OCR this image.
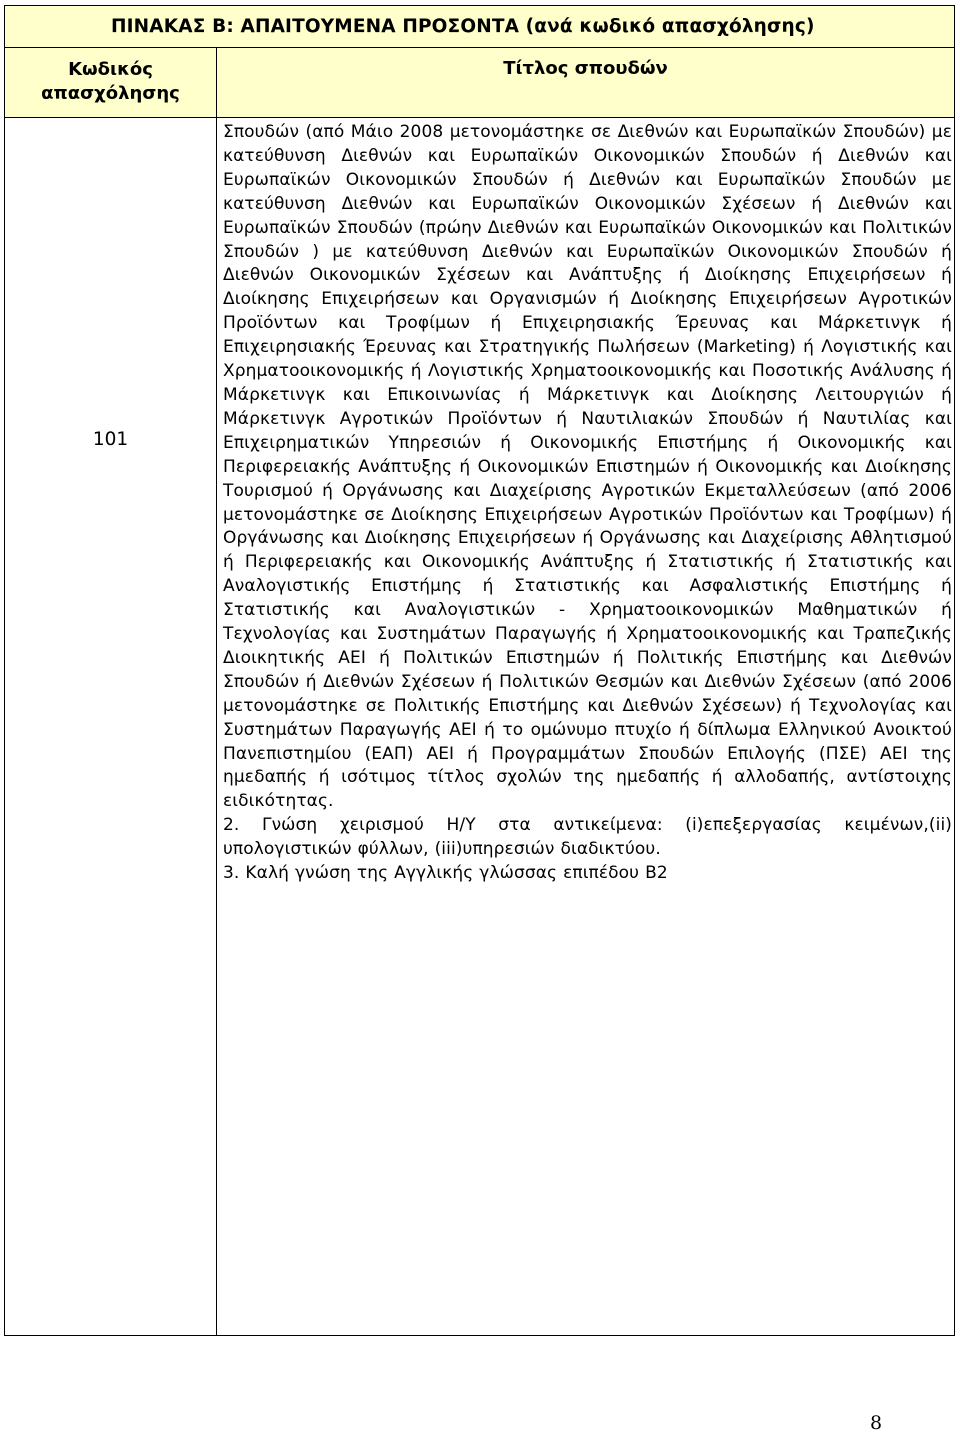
ΠΙΝΑΚΑΣ Β: ΑΠΑΙΤΟΥΜΕΝΑ ΠΡΟΣΟΝΤΑ (ανά κωδικό απασχόλησης)
Κωδικός απασχόλησης
Τίτλος σπουδών
101

Σπουδών (από Μάιο 2008 μετονομάστηκε σε Διεθνών και Ευρωπαϊκών Σπουδών) με κατεύθυνση Διεθνών και Ευρωπαϊκών Οικονομικών Σπουδών ή Διεθνών και Ευρωπαϊκών Οικονομικών Σπουδών ή Διεθνών και Ευρωπαϊκών Σπουδών με κατεύθυνση Διεθνών και Ευρωπαϊκών Οικονομικών Σχέσεων ή Διεθνών και Ευρωπαϊκών Σπουδών (πρώην Διεθνών και Ευρωπαϊκών Οικονομικών και Πολιτικών Σπουδών ) με κατεύθυνση Διεθνών και Ευρωπαϊκών Οικονομικών Σπουδών ή Διεθνών Οικονομικών Σχέσεων και Ανάπτυξης ή Διοίκησης Επιχειρήσεων ή Διοίκησης Επιχειρήσεων και Οργανισμών ή Διοίκησης Επιχειρήσεων Αγροτικών Προϊόντων και Τροφίμων ή Επιχειρησιακής Έρευνας και Μάρκετινγκ ή Επιχειρησιακής Έρευνας και Στρατηγικής Πωλήσεων (Marketing) ή Λογιστικής και Χρηματοοικονομικής ή Λογιστικής Χρηματοοικονομικής και Ποσοτικής Ανάλυσης ή Μάρκετινγκ και Επικοινωνίας ή Μάρκετινγκ και Διοίκησης Λειτουργιών ή Μάρκετινγκ Αγροτικών Προϊόντων ή Ναυτιλιακών Σπουδών ή Ναυτιλίας και Επιχειρηματικών Υπηρεσιών ή Οικονομικής Επιστήμης ή Οικονομικής και Περιφερειακής Ανάπτυξης ή Οικονομικών Επιστημών ή Οικονομικής και Διοίκησης Τουρισμού ή Οργάνωσης και Διαχείρισης Αγροτικών Εκμεταλλεύσεων (από 2006 μετονομάστηκε σε Διοίκησης Επιχειρήσεων Αγροτικών Προϊόντων και Τροφίμων) ή Οργάνωσης και Διοίκησης Επιχειρήσεων ή Οργάνωσης και Διαχείρισης Αθλητισμού ή Περιφερειακής και Οικονομικής Ανάπτυξης ή Στατιστικής ή Στατιστικής και Αναλογιστικής Επιστήμης ή Στατιστικής και Ασφαλιστικής Επιστήμης ή Στατιστικής και Αναλογιστικών - Χρηματοοικονομικών Μαθηματικών ή Τεχνολογίας και Συστημάτων Παραγωγής ή Χρηματοοικονομικής και Τραπεζικής Διοικητικής ΑΕΙ ή Πολιτικών Επιστημών ή Πολιτικής Επιστήμης και Διεθνών Σπουδών ή Διεθνών Σχέσεων ή Πολιτικών Θεσμών και Διεθνών Σχέσεων (από 2006 μετονομάστηκε σε Πολιτικής Επιστήμης και Διεθνών Σχέσεων) ή Τεχνολογίας και Συστημάτων Παραγωγής ΑΕΙ ή το ομώνυμο πτυχίο ή δίπλωμα Ελληνικού Ανοικτού Πανεπιστημίου (ΕΑΠ) ΑΕΙ ή Προγραμμάτων Σπουδών Επιλογής (ΠΣΕ) ΑΕΙ της ημεδαπής ή ισότιμος τίτλος σχολών της ημεδαπής ή αλλοδαπής, αντίστοιχης ειδικότητας.

2. Γνώση χειρισμού Η/Υ στα αντικείμενα: (i)επεξεργασίας κειμένων,(ii) υπολογιστικών φύλλων, (iii)υπηρεσιών διαδικτύου.

3. Καλή γνώση της Αγγλικής γλώσσας επιπέδου Β2

8
